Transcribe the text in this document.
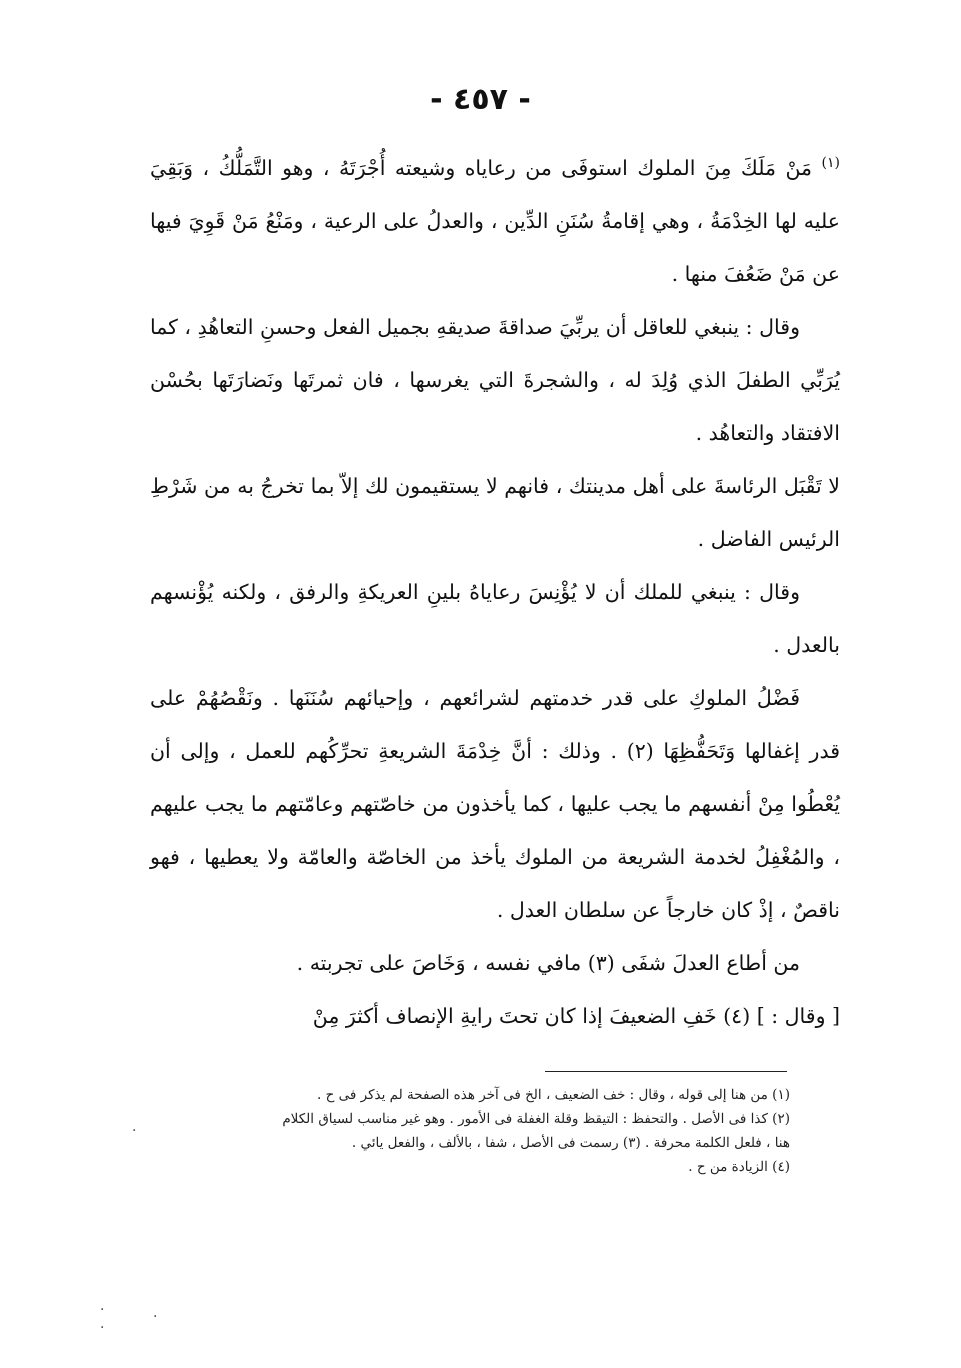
- ٤٥٧ -

$^{(١)}$ مَنْ مَلَكَ مِنَ الملوك استوفَى من رعاياه وشيعته أُجْرَتَهُ ، وهو التَّمَلُّكُ ، وَبَقِيَ عليه لها الخِدْمَةُ ، وهي إقامةُ سُنَنِ الدِّين ، والعدلُ على الرعية ، ومَنْعُ مَنْ قَوِيَ فيها عن مَنْ ضَعُفَ منها .

وقال : ينبغي للعاقل أن يربِّيَ صداقةَ صديقهِ بجميل الفعل وحسنِ التعاهُدِ ، كما يُرَبِّي الطفلَ الذي وُلِدَ له ، والشجرةَ التي يغرسها ، فان ثمرتَها ونَضارَتَها بحُسْن الافتقاد والتعاهُد .

لا تَقْبَل الرئاسةَ على أهل مدينتك ، فانهم لا يستقيمون لك إلاّ بما تخرجُ به من شَرْطِ الرئيس الفاضل .

وقال : ينبغي للملك أن لا يُؤْنِسَ رعاياهُ بلينِ العريكةِ والرفق ، ولكنه يُؤْنسهم بالعدل .

فَضْلُ الملوكِ على قدر خدمتهم لشرائعهم ، وإحيائهم سُنَنَها . ونَقْصُهُمْ على قدر إغفالها وَتَحَفُّظِهَا (٢) . وذلك : أنَّ خِدْمَةَ الشريعةِ تحرِّكُهم للعمل ، وإلى أن يُعْطُوا مِنْ أنفسهم ما يجب عليها ، كما يأخذون من خاصّتهم وعامّتهم ما يجب عليهم ، والمُغْفِلُ لخدمة الشريعة من الملوك يأخذ من الخاصّة والعامّة ولا يعطيها ، فهو ناقصٌ ، إذْ كان خارجاً عن سلطان العدل .

من أطاع العدلَ شفَى (٣) مافي نفسه ، وَخَاصَ على تجربته .

[ وقال : ] (٤) خَفِ الضعيفَ إذا كان تحتَ رايةِ الإنصاف أكثرَ مِنْ

(١) من هنا إلى قوله ، وقال : خف الضعيف ، الخ فى آخر هذه الصفحة لم يذكر فى ح .
(٢) كذا فى الأصل . والتحفظ : التيقظ وقلة الغفلة فى الأمور . وهو غير مناسب لسياق الكلام
هنا ، فلعل الكلمة محرفة . (٣) رسمت فى الأصل ، شفا ، بالألف ، والفعل يائي .
(٤) الزيادة من ح .
·
·
·
·
